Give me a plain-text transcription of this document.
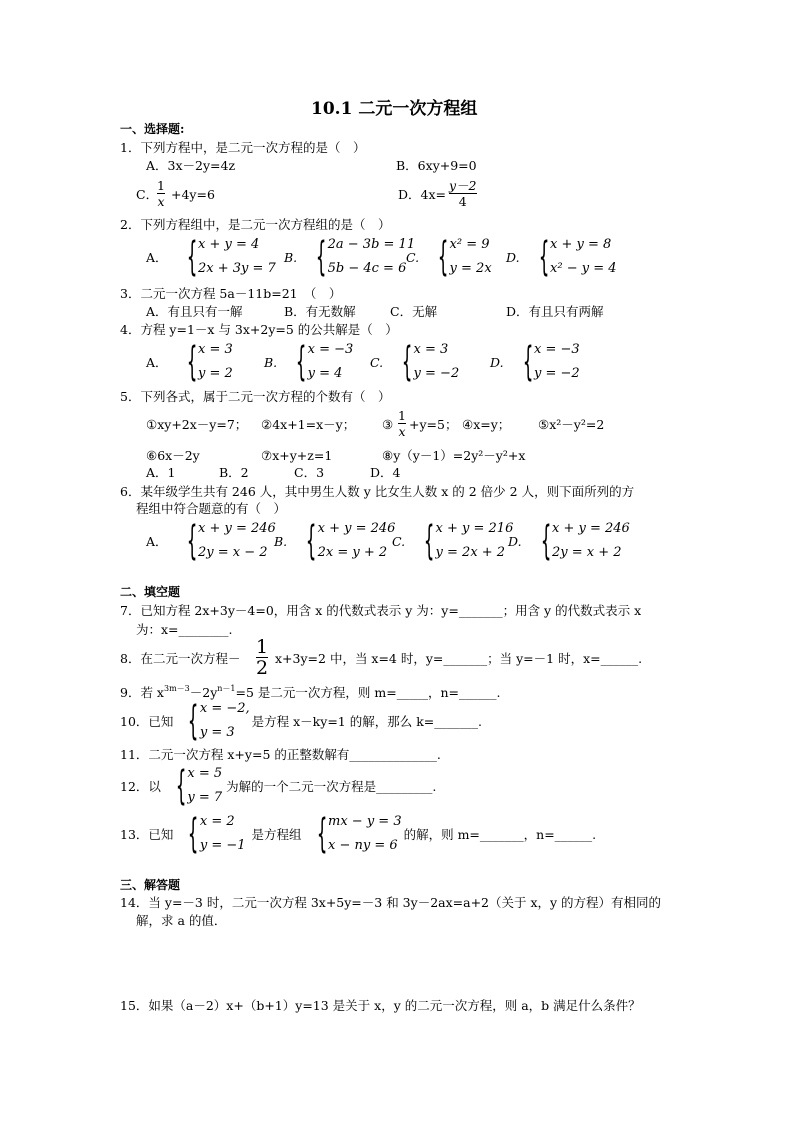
10.1 二元一次方程组
一、选择题:
1．下列方程中，是二元一次方程的是（　）
A．3x－2y=4z	B．6xy+9=0
C．
1
x +4y=6	D．4x=
y－2
4
2．下列方程组中，是二元一次方程组的是（　）
A． { x + y = 4
2x + 3y = 7
B. { 2a − 3b = 11
5b − 4c = 6
C. { x² = 9
y = 2x
D. { x + y = 8
x² − y = 4
3．二元一次方程 5a－11b=21　（　）
A．有且只有一解	B．有无数解	C．无解	D．有且只有两解
4．方程 y=1－x 与 3x+2y=5 的公共解是（　）
A． { x = 3
y = 2
B. { x = −3
y = 4
C. { x = 3
y = −2
D. { x = −3
y = −2
5．下列各式，属于二元一次方程的个数有（　）
①xy+2x－y=7； ②4x+1=x－y； ③
1
x +y=5； ④x=y； ⑤x²－y²=2
⑥6x－2y	⑦x+y+z=1	⑧y（y－1）=2y²－y²+x
A．1	B．2	C．3	D．4
6．某年级学生共有 246 人，其中男生人数 y 比女生人数 x 的 2 倍少 2 人，则下面所列的方
程组中符合题意的有（　）
A． { x + y = 246
2y = x − 2
B. { x + y = 246
2x = y + 2
C. { x + y = 216
y = 2x + 2
D. { x + y = 246
2y = x + 2
二、填空题
7．已知方程 2x+3y－4=0，用含 x 的代数式表示 y 为：y=_______；用含 y 的代数式表示 x
为：x=________.
8．在二元一次方程－
1
2 x+3y=2 中，当 x=4 时，y=_______；当 y=－1 时，x=______.
9．若 $x^{3m-3}-2y^{n-1}=5$ 是二元一次方程，则 m=_____，n=______.
10．已知 { x = −2,
y = 3
是方程 x－ky=1 的解，那么 k=_______.
11．二元一次方程 x+y=5 的正整数解有______________.
12．以 { x = 5
y = 7
为解的一个二元一次方程是_________.
13．已知 { x = 2
y = −1
是方程组 { mx − y = 3
x − ny = 6
的解，则 m=_______，n=______.
三、解答题
14．当 y=－3 时，二元一次方程 3x+5y=－3 和 3y－2ax=a+2（关于 x，y 的方程）有相同的
解，求 a 的值．
15．如果（a－2）x+（b+1）y=13 是关于 x，y 的二元一次方程，则 a，b 满足什么条件？
